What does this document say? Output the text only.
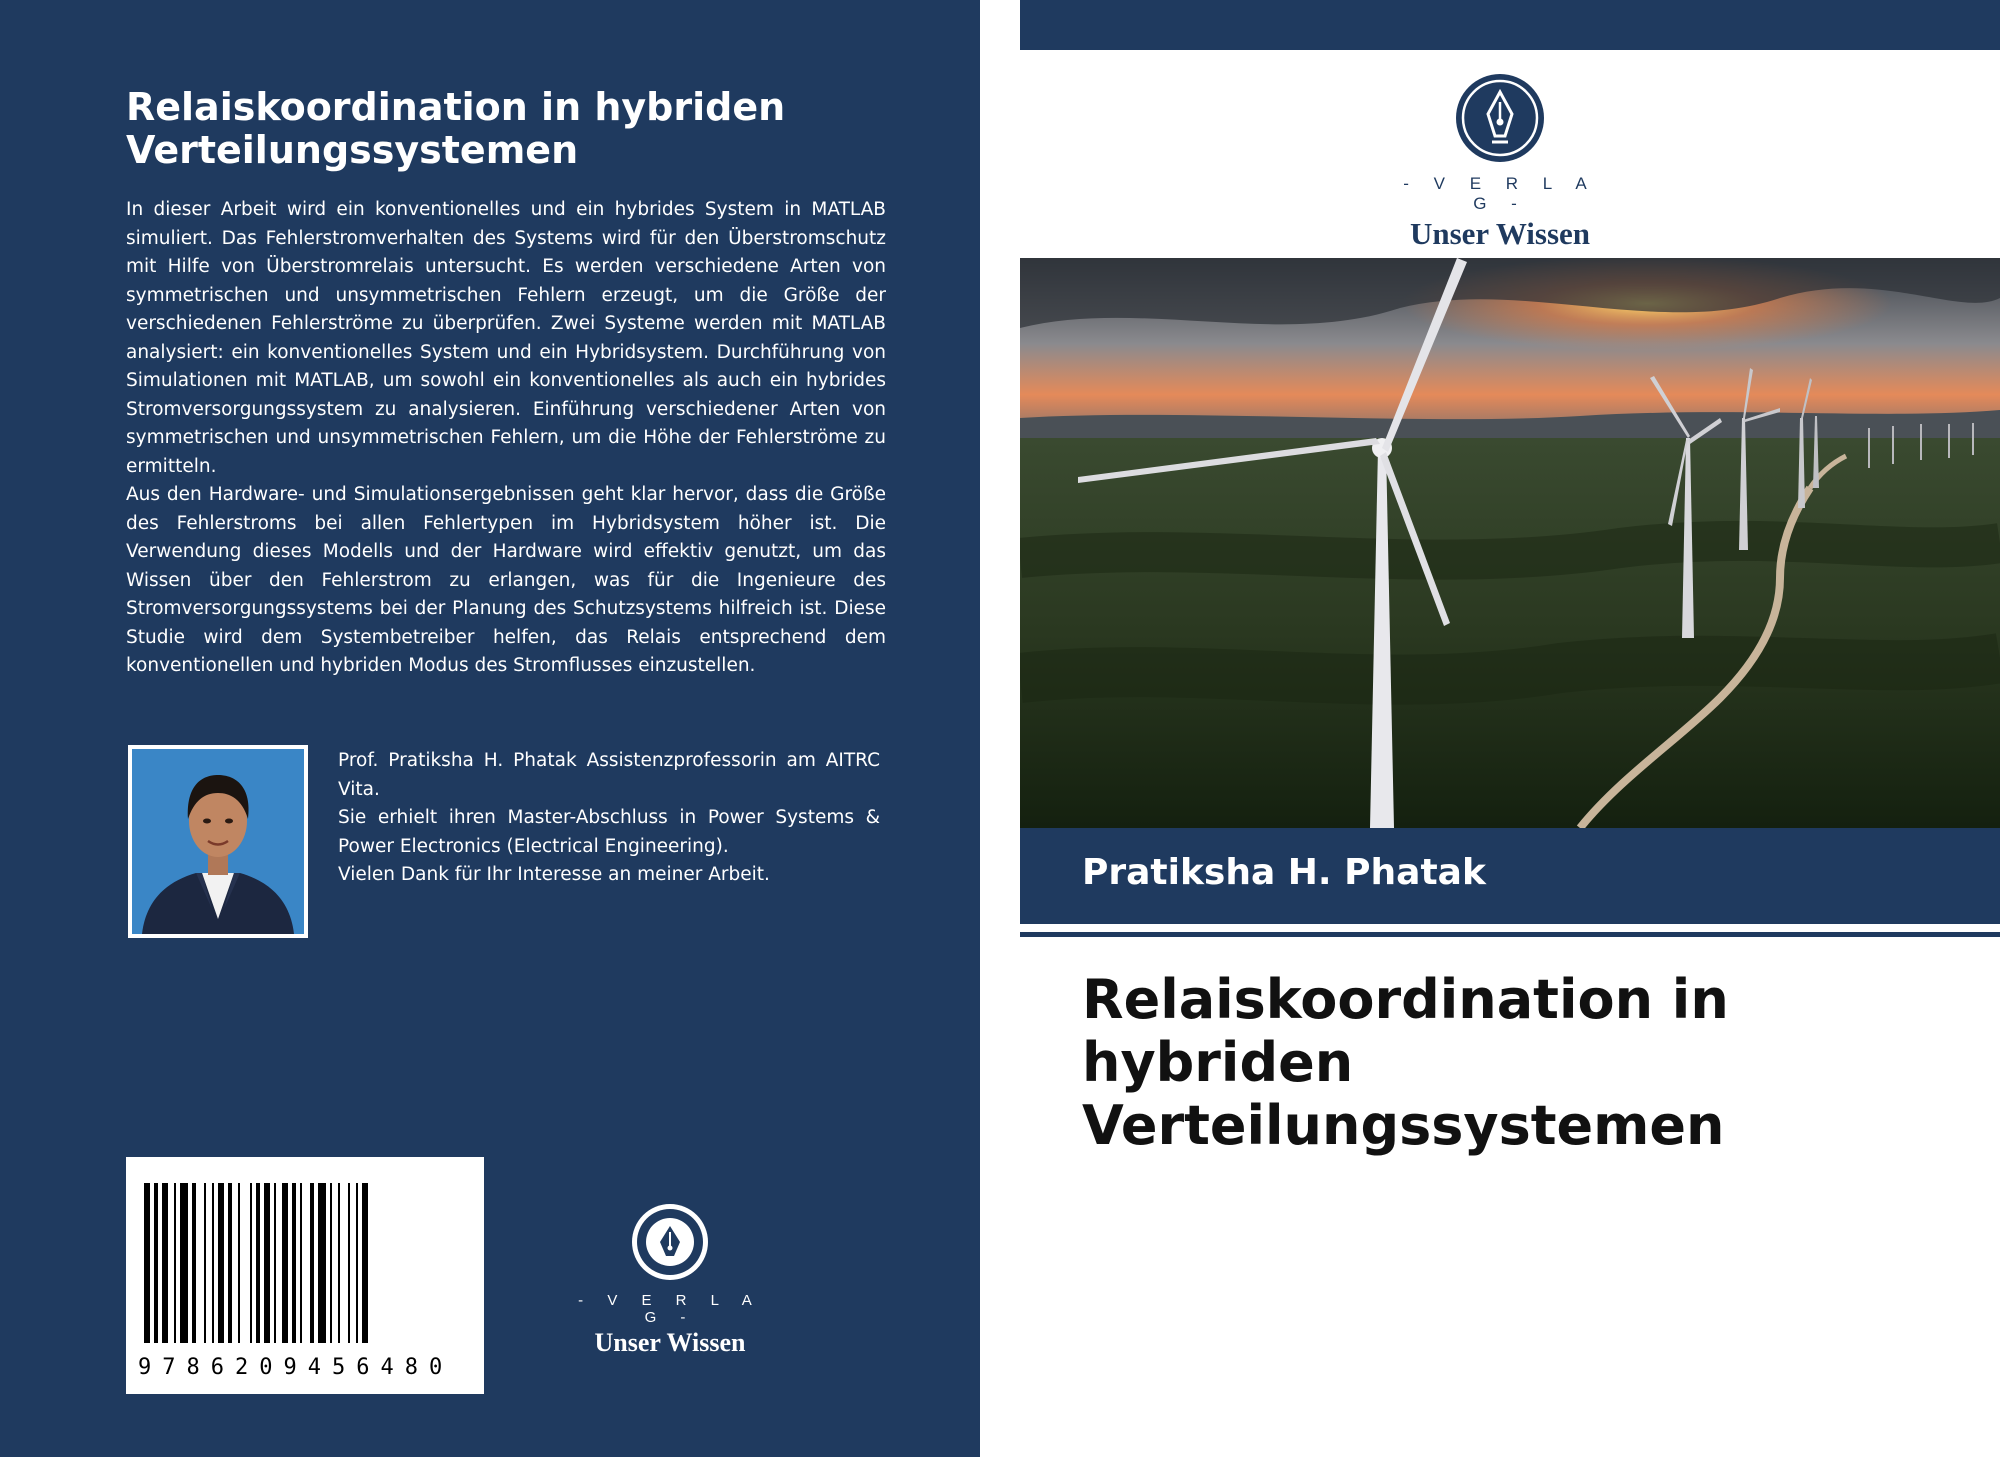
Relaiskoordination in hybriden
Verteilungssystemen

In dieser Arbeit wird ein konventionelles und ein hybrides System in MATLAB simuliert. Das Fehlerstromverhalten des Systems wird für den Überstromschutz mit Hilfe von Überstromrelais untersucht. Es werden verschiedene Arten von symmetrischen und unsymmetrischen Fehlern erzeugt, um die Größe der verschiedenen Fehlerströme zu überprüfen. Zwei Systeme werden mit MATLAB analysiert: ein konventionelles System und ein Hybridsystem. Durchführung von Simulationen mit MATLAB, um sowohl ein konventionelles als auch ein hybrides Stromversorgungssystem zu analysieren. Einführung verschiedener Arten von symmetrischen und unsymmetrischen Fehlern, um die Höhe der Fehlerströme zu ermitteln.

Aus den Hardware- und Simulationsergebnissen geht klar hervor, dass die Größe des Fehlerstroms bei allen Fehlertypen im Hybridsystem höher ist. Die Verwendung dieses Modells und der Hardware wird effektiv genutzt, um das Wissen über den Fehlerstrom zu erlangen, was für die Ingenieure des Stromversorgungssystems bei der Planung des Schutzsystems hilfreich ist. Diese Studie wird dem Systembetreiber helfen, das Relais entsprechend dem konventionellen und hybriden Modus des Stromflusses einzustellen.

Prof. Pratiksha H. Phatak Assistenzprofessorin am AITRC Vita.

Sie erhielt ihren Master-Abschluss in Power Systems & Power Electronics (Electrical Engineering).

Vielen Dank für Ihr Interesse an meiner Arbeit.

9786209456480
- V E R L A G -
Unser Wissen
- V E R L A G -
Unser Wissen
Pratiksha H. Phatak
Relaiskoordination in
hybriden
Verteilungssystemen
